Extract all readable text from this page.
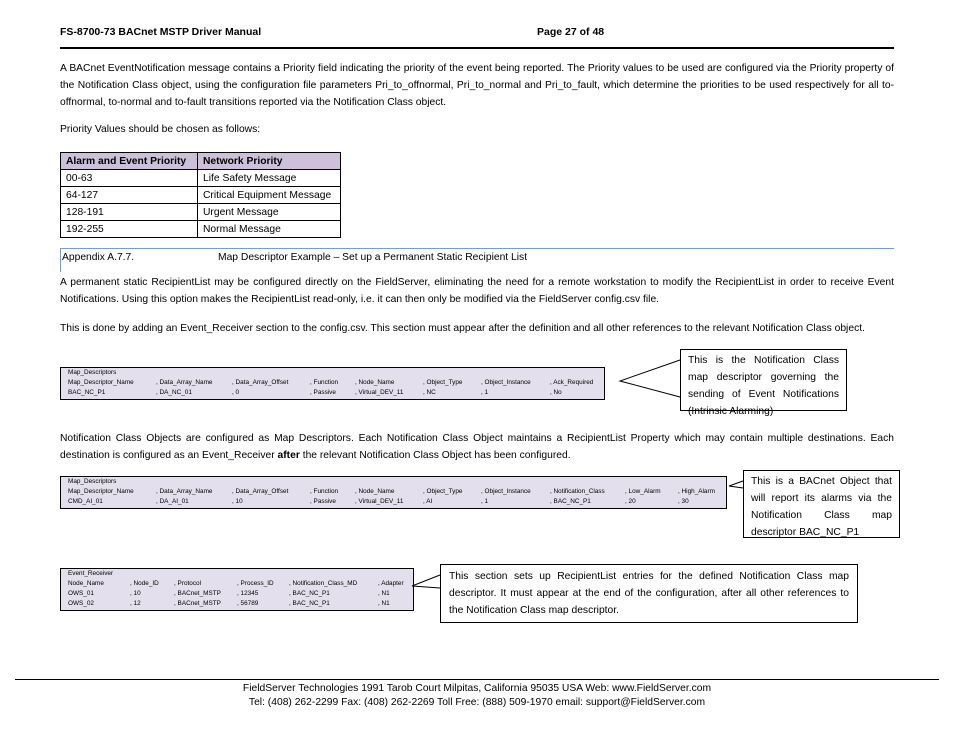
FS-8700-73 BACnet MSTP Driver Manual	Page 27 of 48
A BACnet EventNotification message contains a Priority field indicating the priority of the event being reported. The Priority values to be used are configured via the Priority property of the Notification Class object, using the configuration file parameters Pri_to_offnormal, Pri_to_normal and Pri_to_fault, which determine the priorities to be used respectively for all to-offnormal, to-normal and to-fault transitions reported via the Notification Class object.
Priority Values should be chosen as follows:
Alarm and Event Priority	Network Priority
00-63	Life Safety Message
64-127	Critical Equipment Message
128-191	Urgent Message
192-255	Normal Message
Appendix A.7.7.	Map Descriptor Example – Set up a Permanent Static Recipient List
A permanent static RecipientList may be configured directly on the FieldServer, eliminating the need for a remote workstation to modify the RecipientList in order to receive Event Notifications. Using this option makes the RecipientList read-only, i.e. it can then only be modified via the FieldServer config.csv file.
This is done by adding an Event_Receiver section to the config.csv. This section must appear after the definition and all other references to the relevant Notification Class object.
Map_Descriptors
Map_Descriptor_Name	, Data_Array_Name	, Data_Array_Offset	, Function	, Node_Name	, Object_Type	, Object_Instance	, Ack_Required
BAC_NC_P1	, DA_NC_01	, 0	, Passive	, Virtual_DEV_11	, NC	, 1	, No
This is the Notification Class map descriptor governing the sending of Event Notifications (Intrinsic Alarming)
Notification Class Objects are configured as Map Descriptors. Each Notification Class Object maintains a RecipientList Property which may contain multiple destinations. Each destination is configured as an Event_Receiver after the relevant Notification Class Object has been configured.
Map_Descriptors
Map_Descriptor_Name	, Data_Array_Name	, Data_Array_Offset	, Function	, Node_Name	, Object_Type	, Object_Instance	, Notification_Class	, Low_Alarm	, High_Alarm
CMD_AI_01	, DA_AI_01	, 10	, Passive	, Virtual_DEV_11	, AI	, 1	, BAC_NC_P1	, 20	, 30
This is a BACnet Object that will report its alarms via the Notification Class map descriptor BAC_NC_P1
Event_Receiver
Node_Name	, Node_ID , Protocol	, Process_ID , Notification_Class_MD	, Adapter
OWS_01	, 10	, BACnet_MSTP	, 12345	, BAC_NC_P1	, N1
OWS_02	, 12	, BACnet_MSTP	, 56789	, BAC_NC_P1	, N1
This section sets up RecipientList entries for the defined Notification Class map descriptor. It must appear at the end of the configuration, after all other references to the Notification Class map descriptor.
FieldServer Technologies 1991 Tarob Court Milpitas, California 95035 USA Web: www.FieldServer.com
Tel: (408) 262-2299 Fax: (408) 262-2269 Toll Free: (888) 509-1970 email: support@FieldServer.com
